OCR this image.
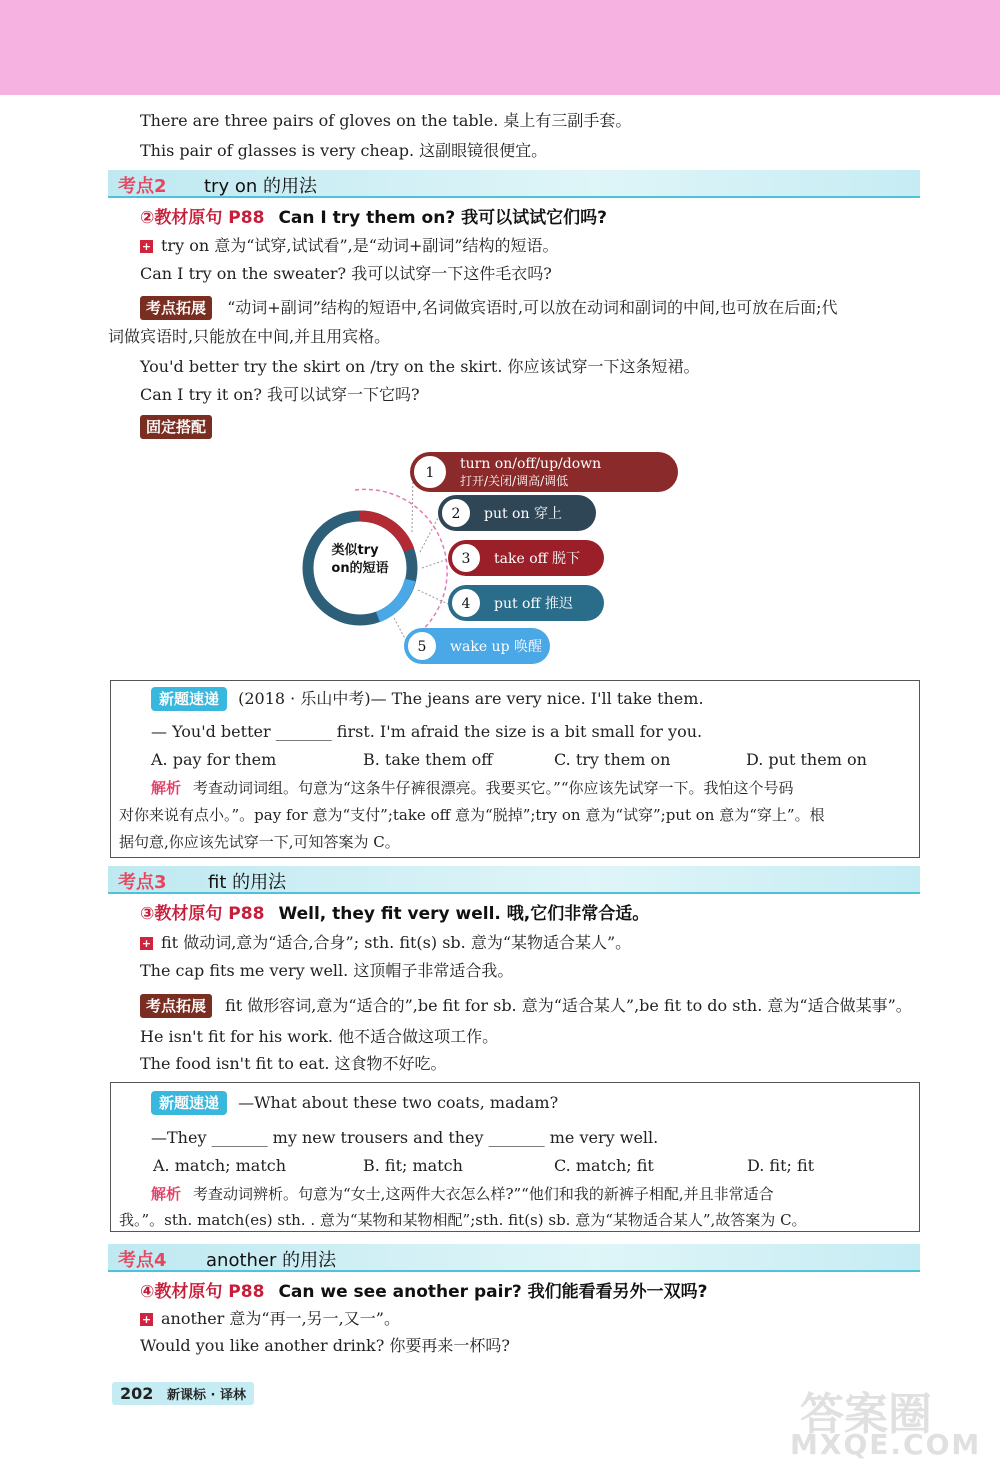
There are three pairs of gloves on the table. 桌上有三副手套。
This pair of glasses is very cheap. 这副眼镜很便宜。
考点2 try on 的用法
②教材原句 P88 Can I try them on? 我可以试试它们吗?
+ try on 意为“试穿,试试看”,是“动词+副词”结构的短语。
Can I try on the sweater? 我可以试穿一下这件毛衣吗?
考点拓展 “动词+副词”结构的短语中,名词做宾语时,可以放在动词和副词的中间,也可放在后面;代
词做宾语时,只能放在中间,并且用宾格。
You'd better try the skirt on /try on the skirt. 你应该试穿一下这条短裙。
Can I try it on? 我可以试穿一下它吗?
固定搭配
类似try
on的短语
1
turn on/off/up/down
打开/关闭/调高/调低
2 put on 穿上
3 take off 脱下
4 put off 推迟
5 wake up 唤醒
新题速递 (2018 · 乐山中考)— The jeans are very nice. I'll take them.
— You'd better _______ first. I'm afraid the size is a bit small for you.
A. pay for them	B. take them off	C. try them on	D. put them on
解析 考查动词词组。句意为“这条牛仔裤很漂亮。我要买它。”“你应该先试穿一下。我怕这个号码
对你来说有点小。”。pay for 意为“支付”;take off 意为“脱掉”;try on 意为“试穿”;put on 意为“穿上”。根
据句意,你应该先试穿一下,可知答案为 C。
考点3 fit 的用法
③教材原句 P88 Well, they fit very well. 哦,它们非常合适。
+ fit 做动词,意为“适合,合身”; sth. fit(s) sb. 意为“某物适合某人”。
The cap fits me very well. 这顶帽子非常适合我。
考点拓展 fit 做形容词,意为“适合的”,be fit for sb. 意为“适合某人”,be fit to do sth. 意为“适合做某事”。
He isn't fit for his work. 他不适合做这项工作。
The food isn't fit to eat. 这食物不好吃。
新题速递 —What about these two coats, madam?
—They _______ my new trousers and they _______ me very well.
A. match; match	B. fit; match	C. match; fit	D. fit; fit
解析 考查动词辨析。句意为“女士,这两件大衣怎么样?”“他们和我的新裤子相配,并且非常适合
我。”。sth. match(es) sth. . 意为“某物和某物相配”;sth. fit(s) sb. 意为“某物适合某人”,故答案为 C。
考点4 another 的用法
④教材原句 P88 Can we see another pair? 我们能看看另外一双吗?
+ another 意为“再一,另一,又一”。
Would you like another drink? 你要再来一杯吗?
202 新课标 · 译林	答案圈
MXQE.COM
